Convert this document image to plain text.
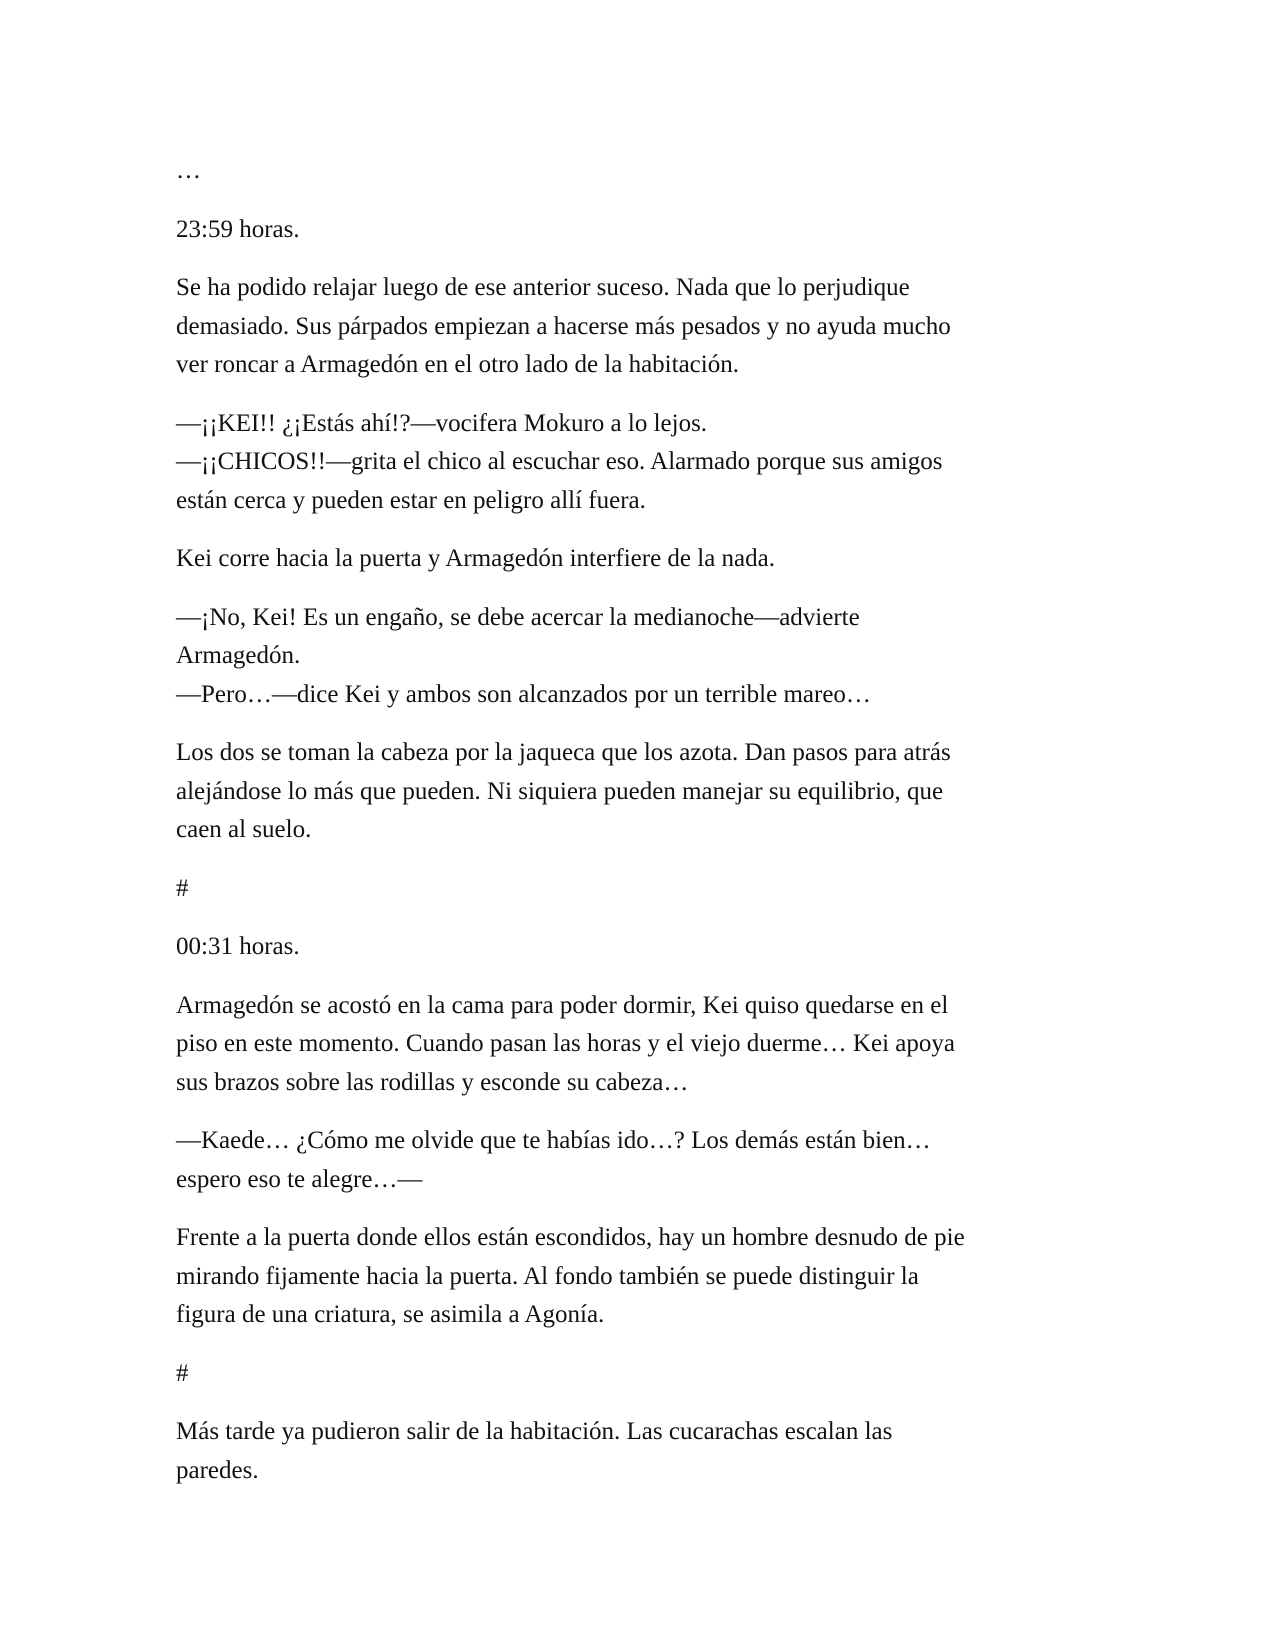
…

23:59 horas.

Se ha podido relajar luego de ese anterior suceso. Nada que lo perjudique
demasiado. Sus párpados empiezan a hacerse más pesados y no ayuda mucho
ver roncar a Armagedón en el otro lado de la habitación.

—¡¡KEI!! ¿¡Estás ahí!?—vocifera Mokuro a lo lejos.
—¡¡CHICOS!!—grita el chico al escuchar eso. Alarmado porque sus amigos
están cerca y pueden estar en peligro allí fuera.

Kei corre hacia la puerta y Armagedón interfiere de la nada.

—¡No, Kei! Es un engaño, se debe acercar la medianoche—advierte
Armagedón.
—Pero…—dice Kei y ambos son alcanzados por un terrible mareo…

Los dos se toman la cabeza por la jaqueca que los azota. Dan pasos para atrás
alejándose lo más que pueden. Ni siquiera pueden manejar su equilibrio, que
caen al suelo.

#

00:31 horas.

Armagedón se acostó en la cama para poder dormir, Kei quiso quedarse en el
piso en este momento. Cuando pasan las horas y el viejo duerme… Kei apoya
sus brazos sobre las rodillas y esconde su cabeza…

—Kaede… ¿Cómo me olvide que te habías ido…? Los demás están bien…
espero eso te alegre…—

Frente a la puerta donde ellos están escondidos, hay un hombre desnudo de pie
mirando fijamente hacia la puerta. Al fondo también se puede distinguir la
figura de una criatura, se asimila a Agonía.

#

Más tarde ya pudieron salir de la habitación. Las cucarachas escalan las
paredes.
